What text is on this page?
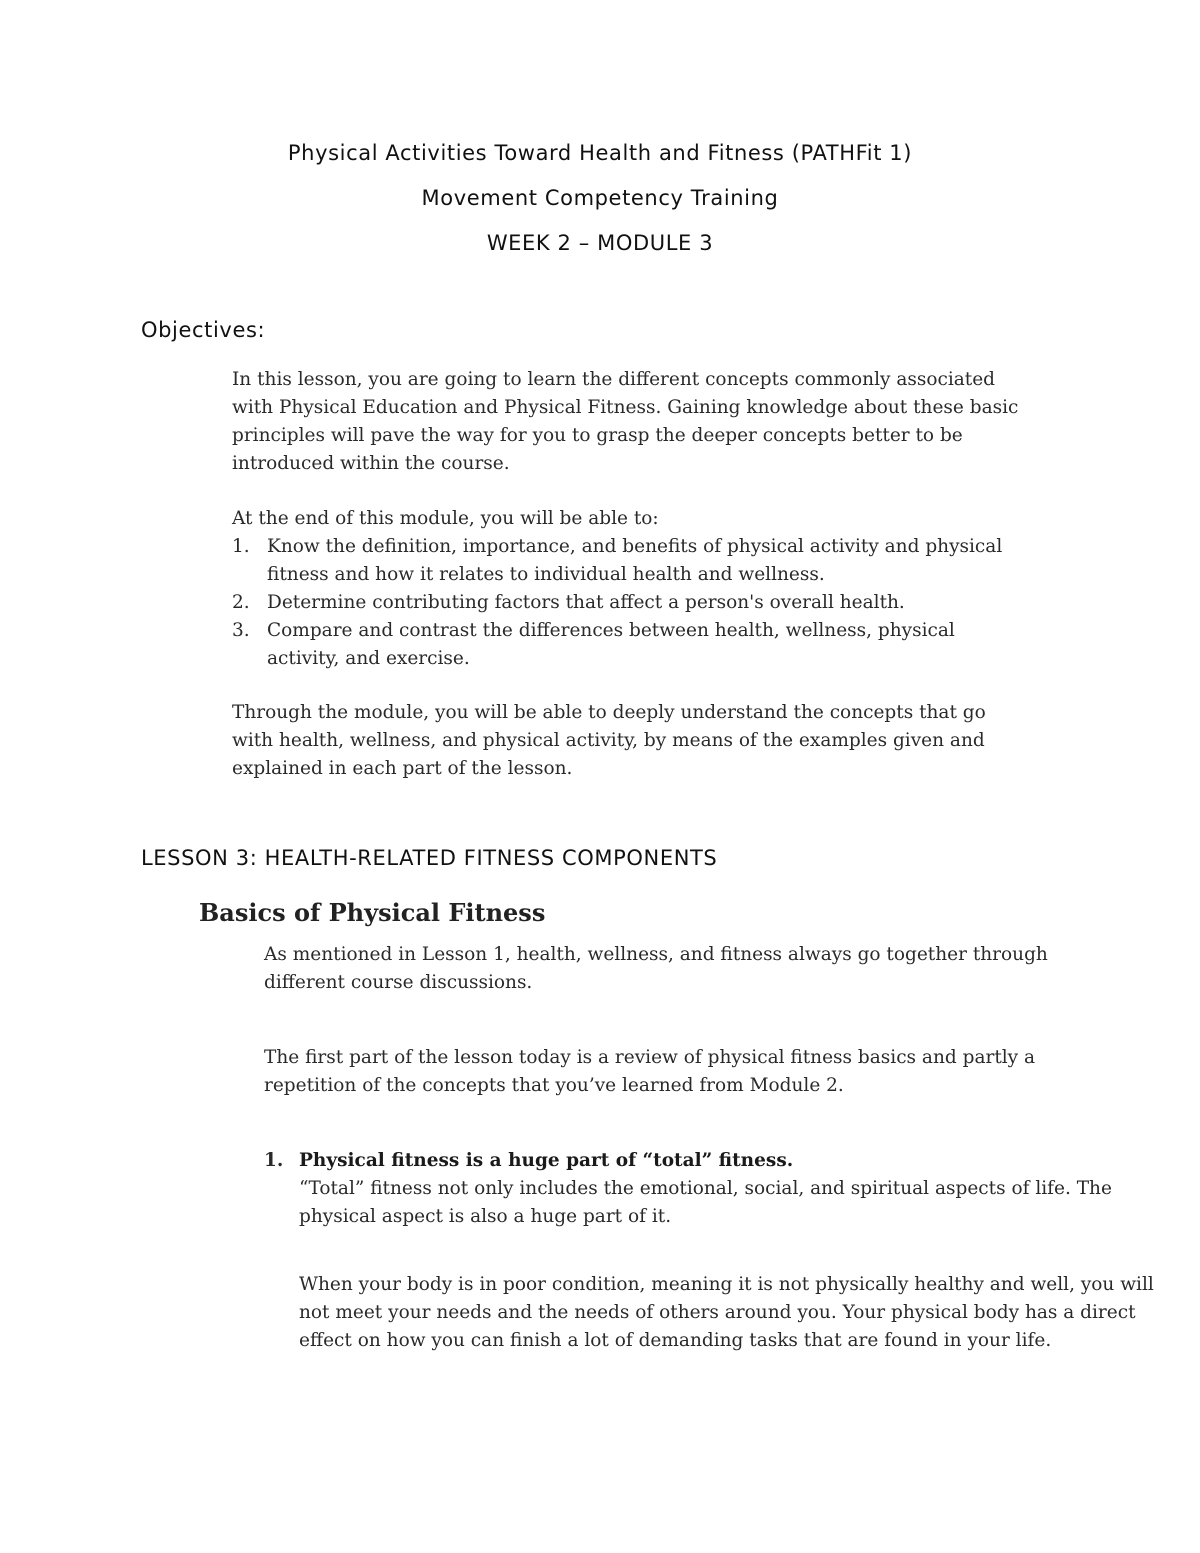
Physical Activities Toward Health and Fitness (PATHFit 1)
Movement Competency Training
WEEK 2 – MODULE 3
Objectives:

In this lesson, you are going to learn the different concepts commonly associated with Physical Education and Physical Fitness. Gaining knowledge about these basic principles will pave the way for you to grasp the deeper concepts better to be introduced within the course.

At the end of this module, you will be able to:

1. Know the definition, importance, and benefits of physical activity and physical fitness and how it relates to individual health and wellness.
2. Determine contributing factors that affect a person's overall health.
3. Compare and contrast the differences between health, wellness, physical activity, and exercise.

Through the module, you will be able to deeply understand the concepts that go with health, wellness, and physical activity, by means of the examples given and explained in each part of the lesson.

LESSON 3: HEALTH-RELATED FITNESS COMPONENTS
Basics of Physical Fitness

As mentioned in Lesson 1, health, wellness, and fitness always go together through different course discussions.

The first part of the lesson today is a review of physical fitness basics and partly a repetition of the concepts that you’ve learned from Module 2.

1. Physical fitness is a huge part of “total” fitness.
“Total” fitness not only includes the emotional, social, and spiritual aspects of life. The physical aspect is also a huge part of it.
When your body is in poor condition, meaning it is not physically healthy and well, you will not meet your needs and the needs of others around you. Your physical body has a direct effect on how you can finish a lot of demanding tasks that are found in your life.
